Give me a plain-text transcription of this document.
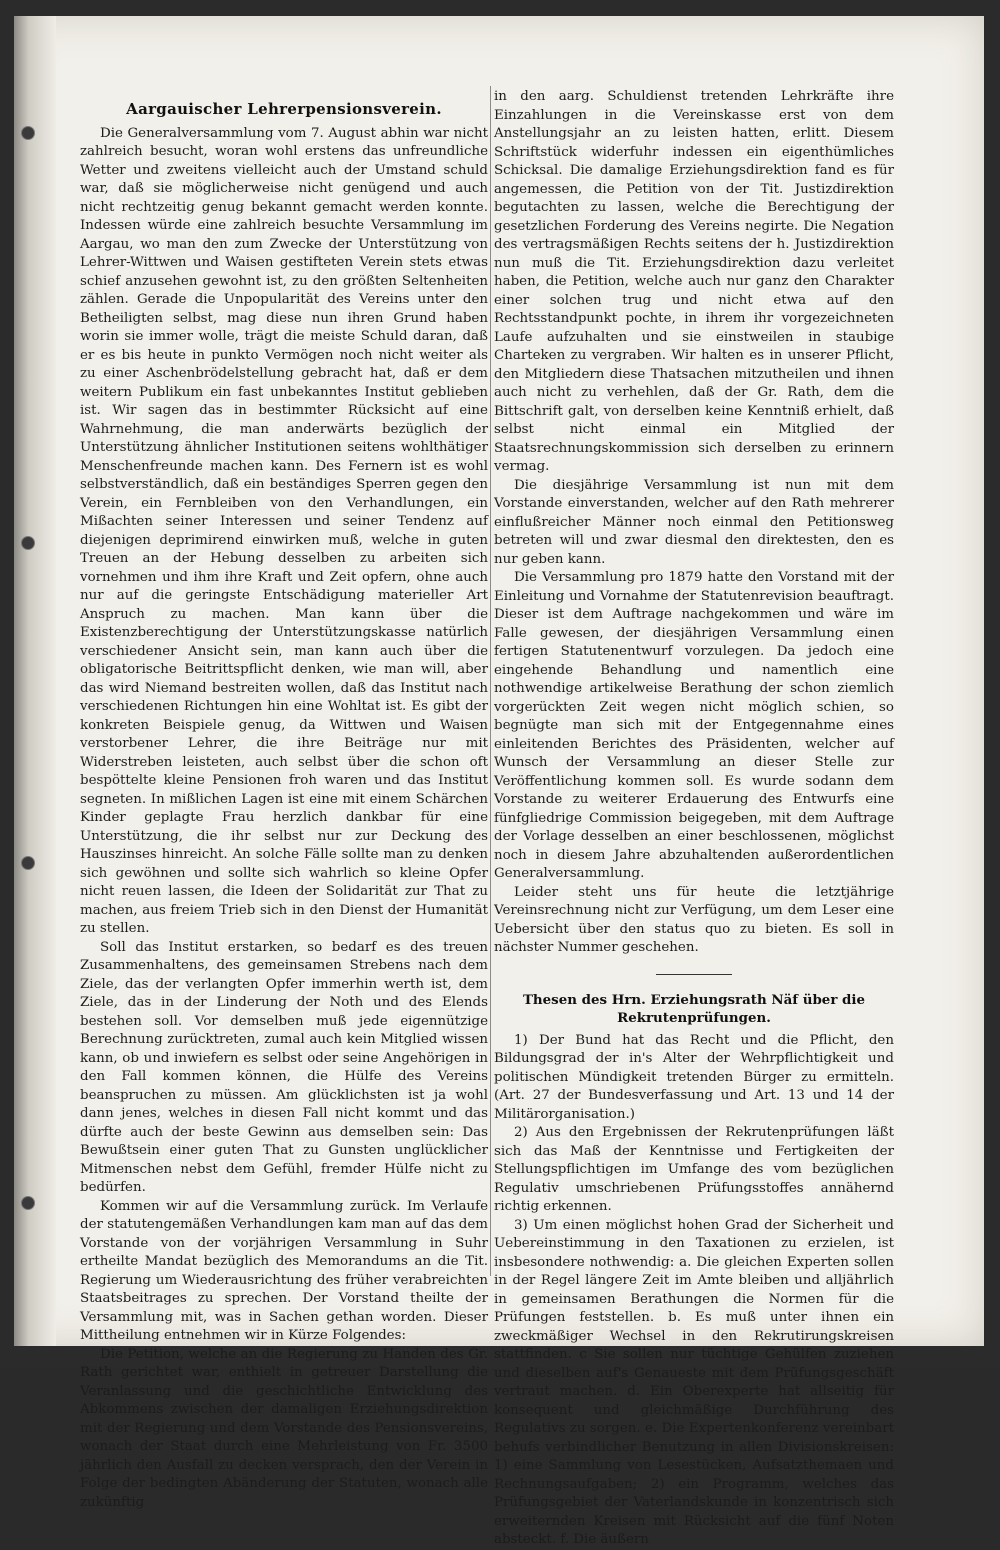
Aargauischer Lehrerpensionsverein.

Die Generalversammlung vom 7. August abhin war nicht zahlreich besucht, woran wohl erstens das unfreundliche Wetter und zweitens vielleicht auch der Umstand schuld war, daß sie möglicherweise nicht genügend und auch nicht rechtzeitig genug bekannt gemacht werden konnte. Indessen würde eine zahlreich besuchte Versammlung im Aargau, wo man den zum Zwecke der Unterstützung von Lehrer-Wittwen und Waisen gestifteten Verein stets etwas schief anzusehen gewohnt ist, zu den größten Seltenheiten zählen. Gerade die Unpopularität des Vereins unter den Betheiligten selbst, mag diese nun ihren Grund haben worin sie immer wolle, trägt die meiste Schuld daran, daß er es bis heute in punkto Vermögen noch nicht weiter als zu einer Aschenbrödelstellung gebracht hat, daß er dem weitern Publikum ein fast unbekanntes Institut geblieben ist. Wir sagen das in bestimmter Rücksicht auf eine Wahrnehmung, die man anderwärts bezüglich der Unterstützung ähnlicher Institutionen seitens wohlthätiger Menschenfreunde machen kann. Des Fernern ist es wohl selbstverständlich, daß ein beständiges Sperren gegen den Verein, ein Fernbleiben von den Verhandlungen, ein Mißachten seiner Interessen und seiner Tendenz auf diejenigen deprimirend einwirken muß, welche in guten Treuen an der Hebung desselben zu arbeiten sich vornehmen und ihm ihre Kraft und Zeit opfern, ohne auch nur auf die geringste Entschädigung materieller Art Anspruch zu machen. Man kann über die Existenzberechtigung der Unterstützungskasse natürlich verschiedener Ansicht sein, man kann auch über die obligatorische Beitrittspflicht denken, wie man will, aber das wird Niemand bestreiten wollen, daß das Institut nach verschiedenen Richtungen hin eine Wohltat ist. Es gibt der konkreten Beispiele genug, da Wittwen und Waisen verstorbener Lehrer, die ihre Beiträge nur mit Widerstreben leisteten, auch selbst über die schon oft bespöttelte kleine Pensionen froh waren und das Institut segneten. In mißlichen Lagen ist eine mit einem Schärchen Kinder geplagte Frau herzlich dankbar für eine Unterstützung, die ihr selbst nur zur Deckung des Hauszinses hinreicht. An solche Fälle sollte man zu denken sich gewöhnen und sollte sich wahrlich so kleine Opfer nicht reuen lassen, die Ideen der Solidarität zur That zu machen, aus freiem Trieb sich in den Dienst der Humanität zu stellen.

Soll das Institut erstarken, so bedarf es des treuen Zusammenhaltens, des gemeinsamen Strebens nach dem Ziele, das der verlangten Opfer immerhin werth ist, dem Ziele, das in der Linderung der Noth und des Elends bestehen soll. Vor demselben muß jede eigennützige Berechnung zurücktreten, zumal auch kein Mitglied wissen kann, ob und inwiefern es selbst oder seine Angehörigen in den Fall kommen können, die Hülfe des Vereins beanspruchen zu müssen. Am glücklichsten ist ja wohl dann jenes, welches in diesen Fall nicht kommt und das dürfte auch der beste Gewinn aus demselben sein: Das Bewußtsein einer guten That zu Gunsten unglücklicher Mitmenschen nebst dem Gefühl, fremder Hülfe nicht zu bedürfen.

Kommen wir auf die Versammlung zurück. Im Verlaufe der statutengemäßen Verhandlungen kam man auf das dem Vorstande von der vorjährigen Versammlung in Suhr ertheilte Mandat bezüglich des Memorandums an die Tit. Regierung um Wiederausrichtung des früher verabreichten Staatsbeitrages zu sprechen. Der Vorstand theilte der Versammlung mit, was in Sachen gethan worden. Dieser Mittheilung entnehmen wir in Kürze Folgendes:

Die Petition, welche an die Regierung zu Handen des Gr. Rath gerichtet war, enthielt in getreuer Darstellung die Veranlassung und die geschichtliche Entwicklung des Abkommens zwischen der damaligen Erziehungsdirektion mit der Regierung und dem Vorstande des Pensionsvereins, wonach der Staat durch eine Mehrleistung von Fr. 3500 jährlich den Ausfall zu decken versprach, den der Verein in Folge der bedingten Abänderung der Statuten, wonach alle zukünftig

in den aarg. Schuldienst tretenden Lehrkräfte ihre Einzahlungen in die Vereinskasse erst von dem Anstellungsjahr an zu leisten hatten, erlitt. Diesem Schriftstück widerfuhr indessen ein eigenthümliches Schicksal. Die damalige Erziehungsdirektion fand es für angemessen, die Petition von der Tit. Justizdirektion begutachten zu lassen, welche die Berechtigung der gesetzlichen Forderung des Vereins negirte. Die Negation des vertragsmäßigen Rechts seitens der h. Justizdirektion nun muß die Tit. Erziehungsdirektion dazu verleitet haben, die Petition, welche auch nur ganz den Charakter einer solchen trug und nicht etwa auf den Rechtsstandpunkt pochte, in ihrem ihr vorgezeichneten Laufe aufzuhalten und sie einstweilen in staubige Charteken zu vergraben. Wir halten es in unserer Pflicht, den Mitgliedern diese Thatsachen mitzutheilen und ihnen auch nicht zu verhehlen, daß der Gr. Rath, dem die Bittschrift galt, von derselben keine Kenntniß erhielt, daß selbst nicht einmal ein Mitglied der Staatsrechnungskommission sich derselben zu erinnern vermag.

Die diesjährige Versammlung ist nun mit dem Vorstande einverstanden, welcher auf den Rath mehrerer einflußreicher Männer noch einmal den Petitionsweg betreten will und zwar diesmal den direktesten, den es nur geben kann.

Die Versammlung pro 1879 hatte den Vorstand mit der Einleitung und Vornahme der Statutenrevision beauftragt. Dieser ist dem Auftrage nachgekommen und wäre im Falle gewesen, der diesjährigen Versammlung einen fertigen Statutenentwurf vorzulegen. Da jedoch eine eingehende Behandlung und namentlich eine nothwendige artikelweise Berathung der schon ziemlich vorgerückten Zeit wegen nicht möglich schien, so begnügte man sich mit der Entgegennahme eines einleitenden Berichtes des Präsidenten, welcher auf Wunsch der Versammlung an dieser Stelle zur Veröffentlichung kommen soll. Es wurde sodann dem Vorstande zu weiterer Erdauerung des Entwurfs eine fünfgliedrige Commission beigegeben, mit dem Auftrage der Vorlage desselben an einer beschlossenen, möglichst noch in diesem Jahre abzuhaltenden außerordentlichen Generalversammlung.

Leider steht uns für heute die letztjährige Vereinsrechnung nicht zur Verfügung, um dem Leser eine Uebersicht über den status quo zu bieten. Es soll in nächster Nummer geschehen.

Thesen des Hrn. Erziehungsrath Näf über die Rekrutenprüfungen.

1) Der Bund hat das Recht und die Pflicht, den Bildungsgrad der in's Alter der Wehrpflichtigkeit und politischen Mündigkeit tretenden Bürger zu ermitteln. (Art. 27 der Bundesverfassung und Art. 13 und 14 der Militärorganisation.)

2) Aus den Ergebnissen der Rekrutenprüfungen läßt sich das Maß der Kenntnisse und Fertigkeiten der Stellungspflichtigen im Umfange des vom bezüglichen Regulativ umschriebenen Prüfungsstoffes annähernd richtig erkennen.

3) Um einen möglichst hohen Grad der Sicherheit und Uebereinstimmung in den Taxationen zu erzielen, ist insbesondere nothwendig: a. Die gleichen Experten sollen in der Regel längere Zeit im Amte bleiben und alljährlich in gemeinsamen Berathungen die Normen für die Prüfungen feststellen. b. Es muß unter ihnen ein zweckmäßiger Wechsel in den Rekrutirungskreisen stattfinden. c Sie sollen nur tüchtige Gehülfen zuziehen und dieselben auf's Genaueste mit dem Prüfungsgeschäft vertraut machen. d. Ein Oberexperte hat allseitig für konsequent und gleichmäßige Durchführung des Regulativs zu sorgen. e. Die Expertenkonferenz vereinbart behufs verbindlicher Benutzung in allen Divisionskreisen: 1) eine Sammlung von Lesestücken, Aufsatzthemaen und Rechnungsaufgaben; 2) ein Programm, welches das Prüfungsgebiet der Vaterlandskunde in konzentrisch sich erweiternden Kreisen mit Rücksicht auf die fünf Noten absteckt. f. Die äußern
